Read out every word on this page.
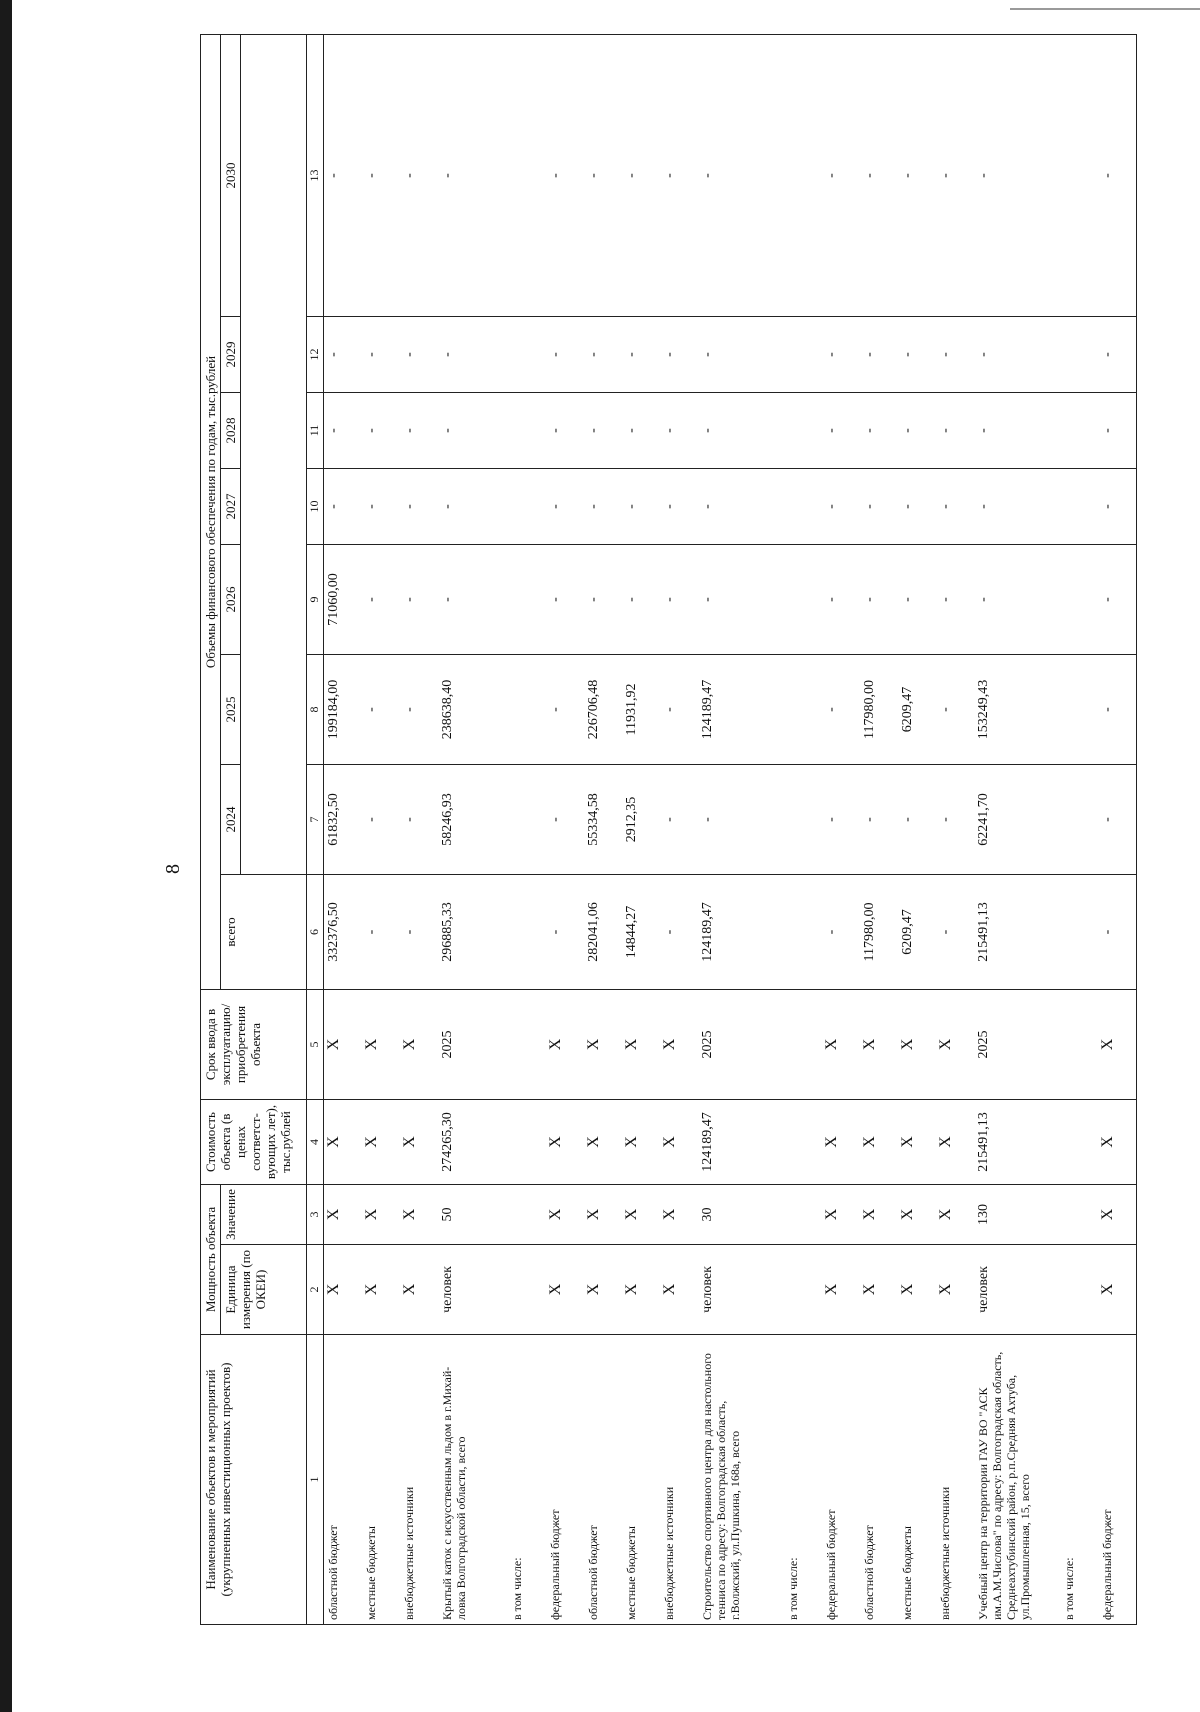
8
Наименование объектов и мероприятий (укрупненных инвестиционных проектов)	Мощность объекта		Стоимость объекта (в ценах соответст-вующих лет), тыс.рублей	Срок ввода в эксплуатацию/ приобретения объекта	Объемы финансового обеспечения по годам, тыс.рублей							
	Единица измерения (по ОКЕИ)	Значение			всего	2024	2025	2026	2027	2028	2029	2030

1	2	3	4	5	6	7	8	9	10	11	12	13
областной бюджет	X	X	X	X	332376,50	61832,50	199184,00	71060,00	-	-	-	-
местные бюджеты	X	X	X	X	-	-	-	-	-	-	-	-
внебюджетные источники	X	X	X	X	-	-	-	-	-	-	-	-
Крытый каток с искусственным льдом в г.Михай-ловка Волгоградской области, всего	человек	50	274265,30	2025	296885,33	58246,93	238638,40	-	-	-	-	-
в том числе:												
федеральный бюджет	X	X	X	X	-	-	-	-	-	-	-	-
областной бюджет	X	X	X	X	282041,06	55334,58	226706,48	-	-	-	-	-
местные бюджеты	X	X	X	X	14844,27	2912,35	11931,92	-	-	-	-	-
внебюджетные источники	X	X	X	X	-	-	-	-	-	-	-	-
Строительство спортивного центра для настольного тенниса по адресу: Волгоградская область, г.Волжский, ул.Пушкина, 168а, всего	человек	30	124189,47	2025	124189,47	-	124189,47	-	-	-	-	-
в том числе:												
федеральный бюджет	X	X	X	X	-	-	-	-	-	-	-	-
областной бюджет	X	X	X	X	117980,00	-	117980,00	-	-	-	-	-
местные бюджеты	X	X	X	X	6209,47	-	6209,47	-	-	-	-	-
внебюджетные источники	X	X	X	X	-	-	-	-	-	-	-	-
Учебный центр на территории ГАУ ВО "АСК им.А.М.Числова" по адресу: Волгоградская область, Среднеахтубинский район, р.п.Средняя Ахтуба, ул.Промышленная, 15, всего	человек	130	215491,13	2025	215491,13	62241,70	153249,43	-	-	-	-	-
в том числе:												
федеральный бюджет	X	X	X	X	-	-	-	-	-	-	-	-
